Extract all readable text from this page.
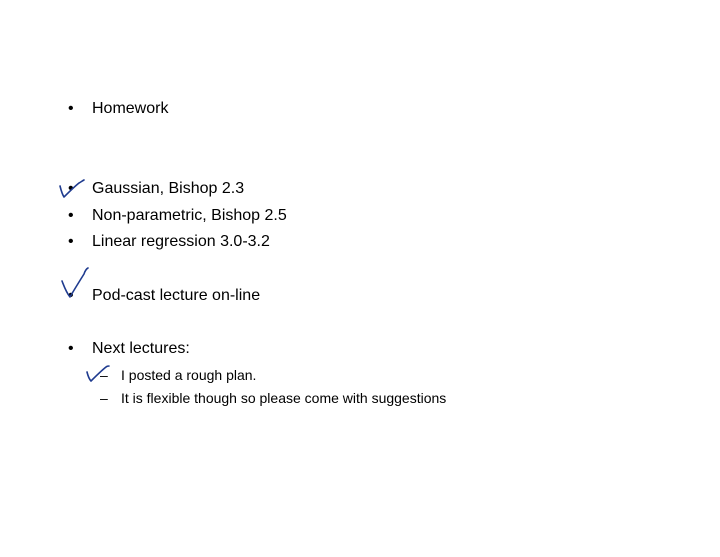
• Homework
• Gaussian, Bishop 2.3
• Non-parametric, Bishop 2.5
• Linear regression 3.0-3.2
• Pod-cast lecture on-line
• Next lectures:
– I posted a rough plan.
– It is flexible though so please come with suggestions
